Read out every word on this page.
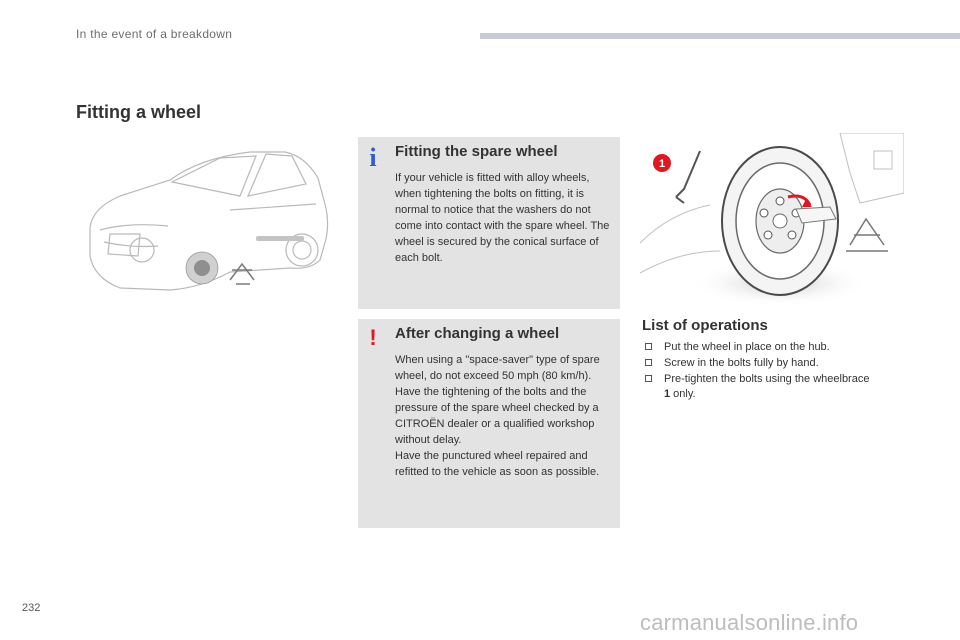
In the event of a breakdown
Fitting a wheel
i Fitting the spare wheel

If your vehicle is fitted with alloy wheels, when tightening the bolts on fitting, it is normal to notice that the washers do not come into contact with the spare wheel. The wheel is secured by the conical surface of each bolt.

! After changing a wheel

When using a "space-saver" type of spare wheel, do not exceed 50 mph (80 km/h).

Have the tightening of the bolts and the pressure of the spare wheel checked by a CITROËN dealer or a qualified workshop without delay.

Have the punctured wheel repaired and refitted to the vehicle as soon as possible.

1
List of operations
Put the wheel in place on the hub.
Screw in the bolts fully by hand.
Pre-tighten the bolts using the wheelbrace 1 only.
232
carmanualsonline.info
